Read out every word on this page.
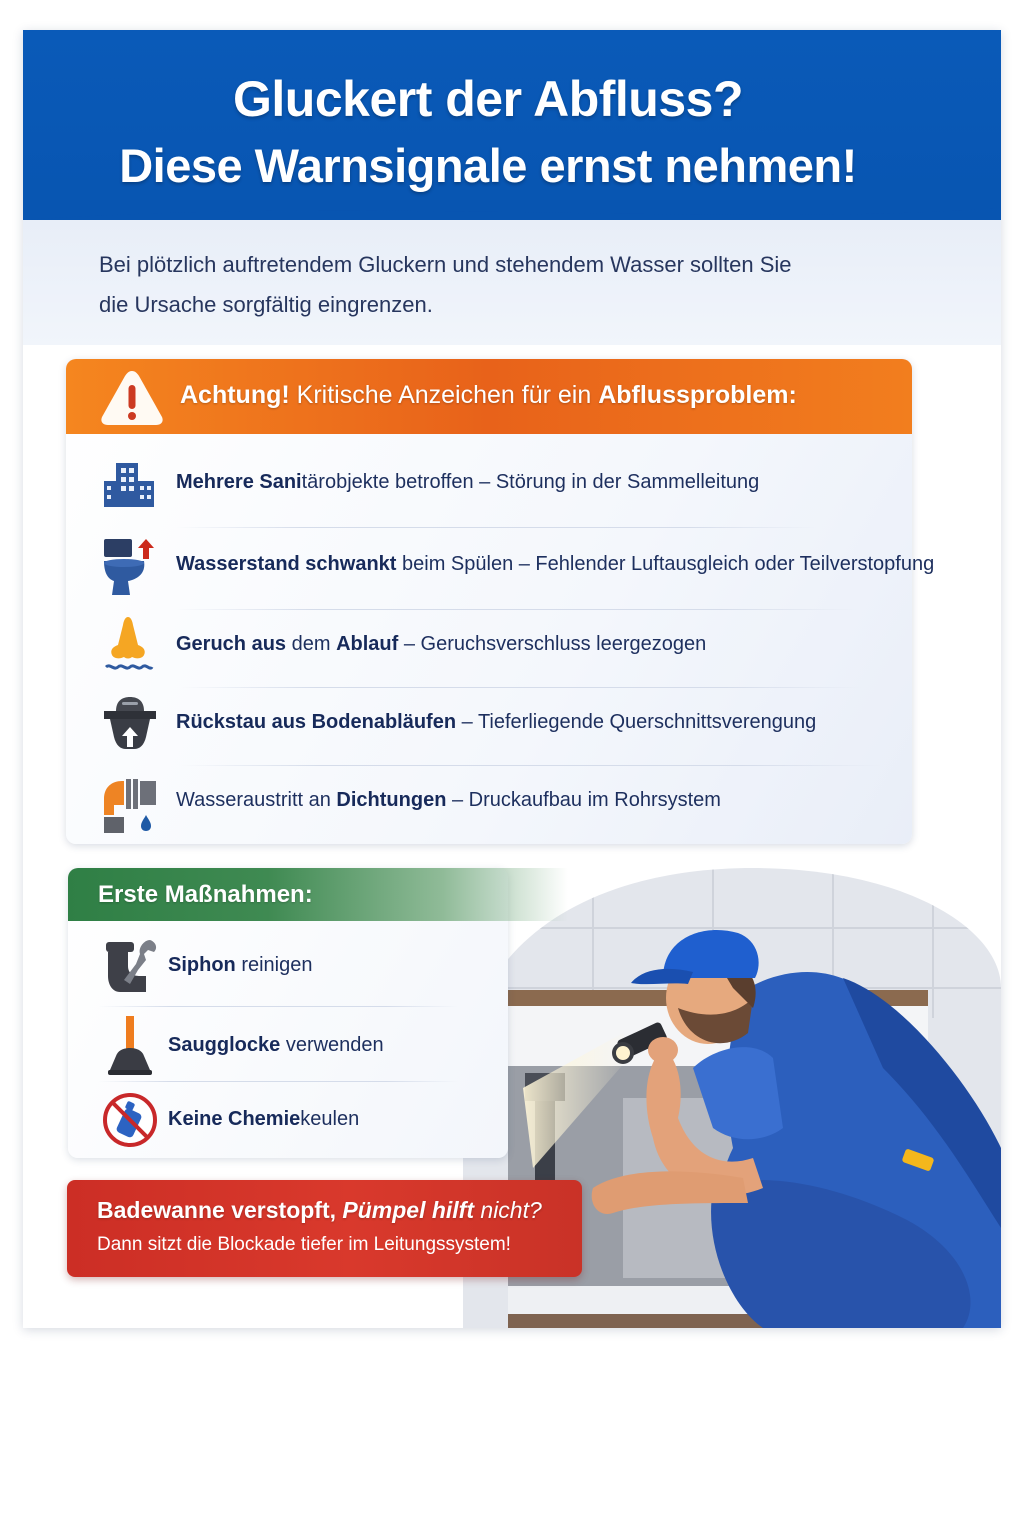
Gluckert der Abfluss?
Diese Warnsignale ernst nehmen!
Bei plötzlich auftretendem Gluckern und stehendem Wasser sollten Sie
die Ursache sorgfältig eingrenzen.
Achtung! Kritische Anzeichen für ein Abflussproblem:
Mehrere Sanitärobjekte betroffen – Störung in der Sammelleitung
Wasserstand schwankt beim Spülen – Fehlender Luftausgleich oder Teilverstopfung
Geruch aus dem Ablauf – Geruchsverschluss leergezogen
Rückstau aus Bodenabläufen – Tieferliegende Querschnittsverengung
Wasseraustritt an Dichtungen – Druckaufbau im Rohrsystem
Erste Maßnahmen:
Siphon reinigen
Saugglocke verwenden
Keine Chemiekeulen
Badewanne verstopft, Pümpel hilft nicht?
Dann sitzt die Blockade tiefer im Leitungssystem!
